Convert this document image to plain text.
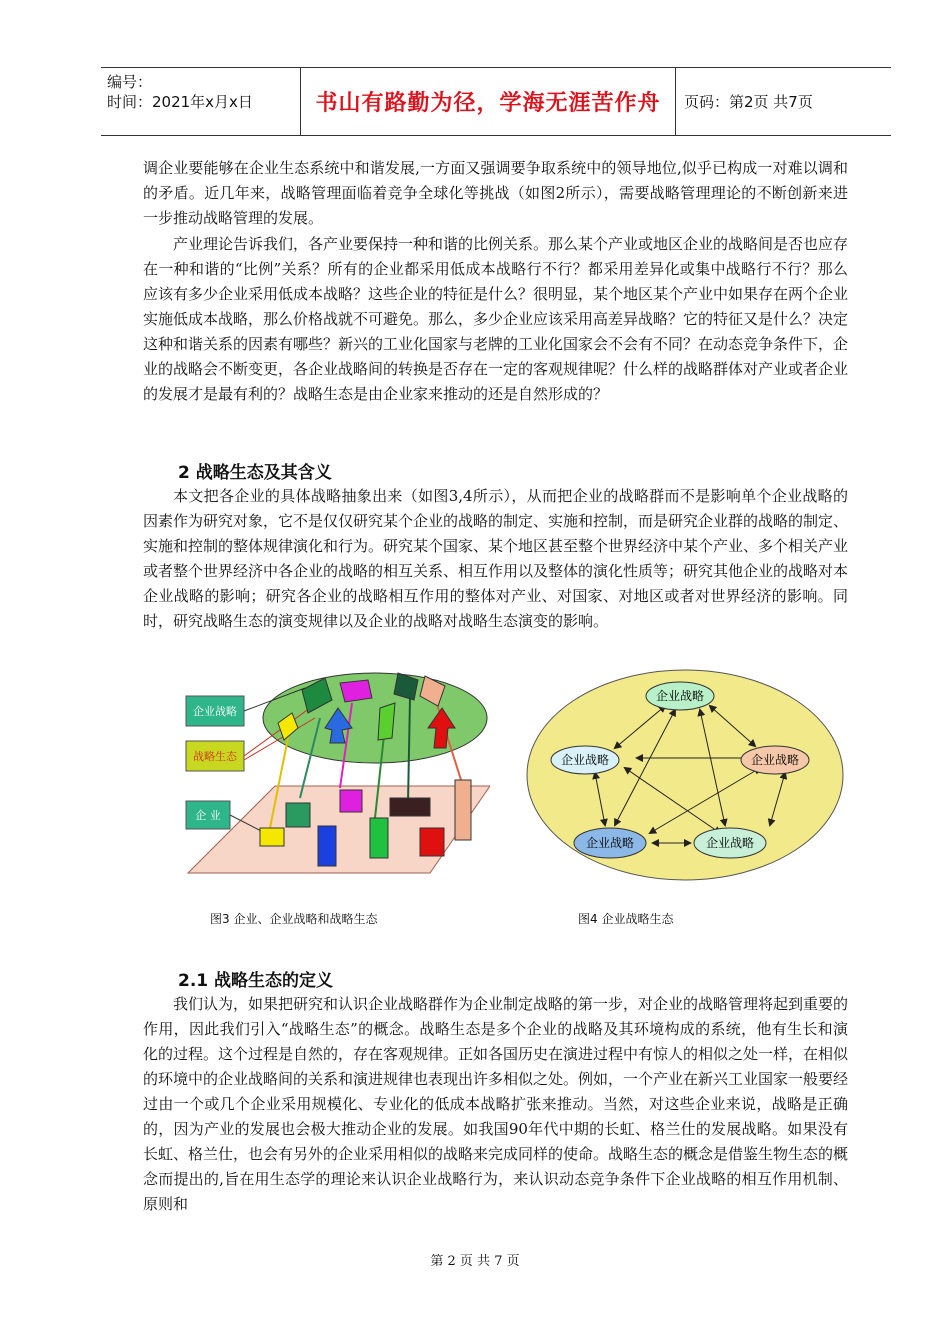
编号：
时间：2021年x月x日	书山有路勤为径，学海无涯苦作舟	页码：第2页 共7页

调企业要能够在企业生态系统中和谐发展,一方面又强调要争取系统中的领导地位,似乎已构成一对难以调和的矛盾。近几年来，战略管理面临着竞争全球化等挑战（如图2所示），需要战略管理理论的不断创新来进一步推动战略管理的发展。

产业理论告诉我们，各产业要保持一种和谐的比例关系。那么某个产业或地区企业的战略间是否也应存在一种和谐的“比例”关系？所有的企业都采用低成本战略行不行？都采用差异化或集中战略行不行？那么应该有多少企业采用低成本战略？这些企业的特征是什么？很明显，某个地区某个产业中如果存在两个企业实施低成本战略，那么价格战就不可避免。那么，多少企业应该采用高差异战略？它的特征又是什么？决定这种和谐关系的因素有哪些？新兴的工业化国家与老牌的工业化国家会不会有不同？在动态竞争条件下，企业的战略会不断变更，各企业战略间的转换是否存在一定的客观规律呢？什么样的战略群体对产业或者企业的发展才是最有利的？战略生态是由企业家来推动的还是自然形成的？

2 战略生态及其含义

本文把各企业的具体战略抽象出来（如图3,4所示），从而把企业的战略群而不是影响单个企业战略的因素作为研究对象，它不是仅仅研究某个企业的战略的制定、实施和控制，而是研究企业群的战略的制定、实施和控制的整体规律演化和行为。研究某个国家、某个地区甚至整个世界经济中某个产业、多个相关产业或者整个世界经济中各企业的战略的相互关系、相互作用以及整体的演化性质等；研究其他企业的战略对本企业战略的影响；研究各企业的战略相互作用的整体对产业、对国家、对地区或者对世界经济的影响。同时，研究战略生态的演变规律以及企业的战略对战略生态演变的影响。

企业战略
战略生态
企 业
图3 企业、企业战略和战略生态
企业战略
企业战略	企业战略
企业战略	企业战略
图4 企业战略生态
2.1 战略生态的定义

我们认为，如果把研究和认识企业战略群作为企业制定战略的第一步，对企业的战略管理将起到重要的作用，因此我们引入“战略生态”的概念。战略生态是多个企业的战略及其环境构成的系统，他有生长和演化的过程。这个过程是自然的，存在客观规律。正如各国历史在演进过程中有惊人的相似之处一样，在相似的环境中的企业战略间的关系和演进规律也表现出许多相似之处。例如，一个产业在新兴工业国家一般要经过由一个或几个企业采用规模化、专业化的低成本战略扩张来推动。当然，对这些企业来说，战略是正确的，因为产业的发展也会极大推动企业的发展。如我国90年代中期的长虹、格兰仕的发展战略。如果没有长虹、格兰仕，也会有另外的企业采用相似的战略来完成同样的使命。战略生态的概念是借鉴生物生态的概念而提出的,旨在用生态学的理论来认识企业战略行为，来认识动态竞争条件下企业战略的相互作用机制、原则和

第 2 页 共 7 页
